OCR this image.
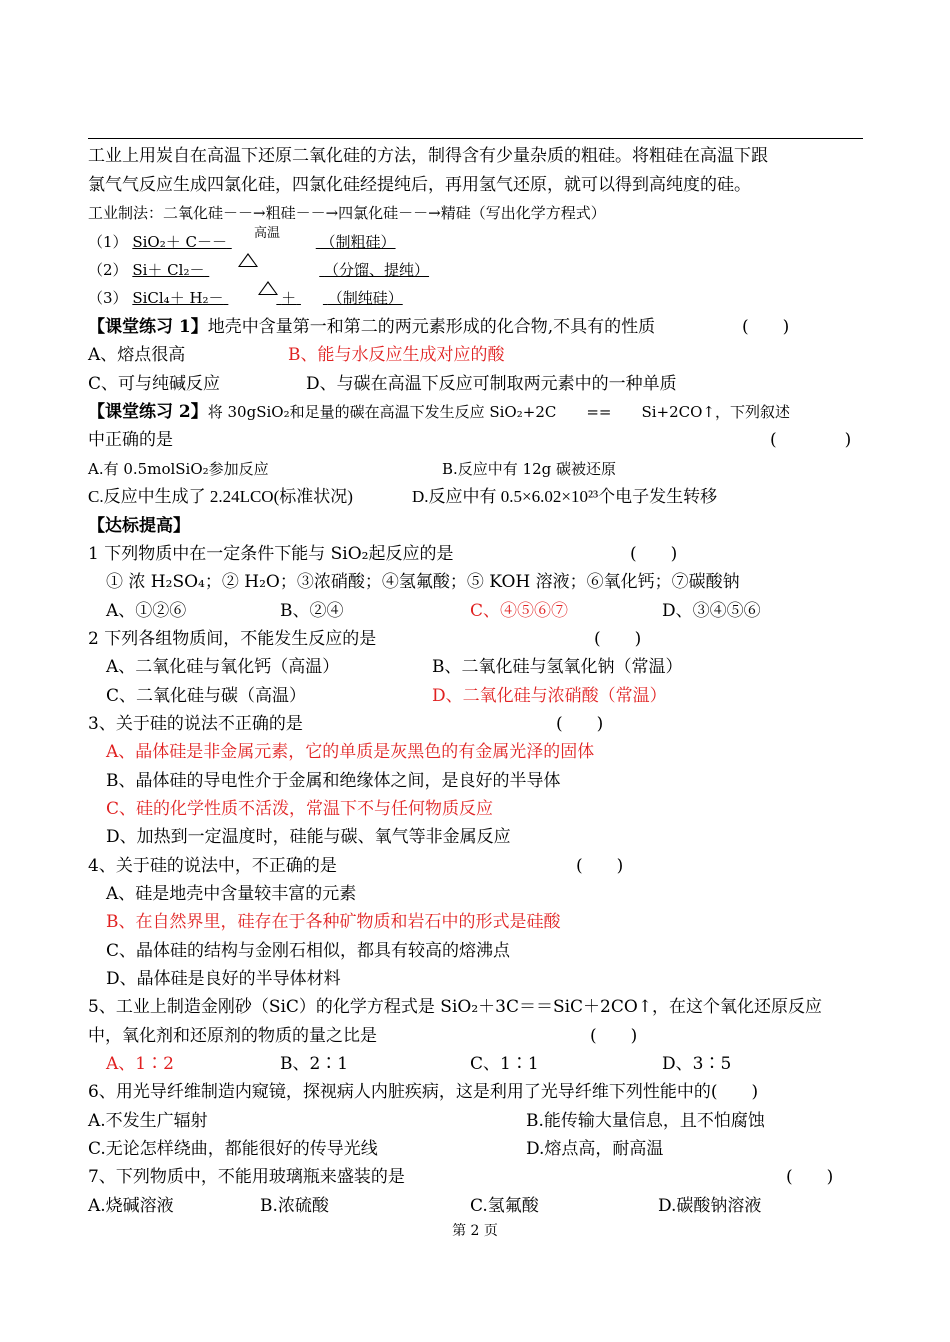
工业上用炭自在高温下还原二氧化硅的方法，制得含有少量杂质的粗硅。将粗硅在高温下跟
氯气气反应生成四氯化硅，四氯化硅经提纯后，再用氢气还原，就可以得到高纯度的硅。
工业制法：二氧化硅－－→粗硅－－→四氯化硅－－→精硅（写出化学方程式）
（1） SiO₂＋ C－－	（制粗硅）
高温
（2） Si＋ Cl₂－	（分馏、提纯）
（3） SiCl₄＋ H₂－	＋ （制纯硅）
【课堂练习 1】地壳中含量第一和第二的两元素形成的化合物,不具有的性质	(　　)
A、熔点很高	B、能与水反应生成对应的酸
C、可与纯碱反应	D、与碳在高温下反应可制取两元素中的一种单质
【课堂练习 2】将 30gSiO₂和足量的碳在高温下发生反应 SiO₂+2C　　==　　Si+2CO↑，下列叙述
中正确的是	(　　　　)
A.有 0.5molSiO₂参加反应	B.反应中有 12g 碳被还原
C.反应中生成了 2.24LCO(标准状况)	D.反应中有 0.5×6.02×10²³个电子发生转移
【达标提高】
1 下列物质中在一定条件下能与 SiO₂起反应的是	(　　)
① 浓 H₂SO₄；② H₂O；③浓硝酸；④氢氟酸；⑤ KOH 溶液；⑥氧化钙；⑦碳酸钠
A、①②⑥	B、②④	C、④⑤⑥⑦	D、③④⑤⑥
2 下列各组物质间，不能发生反应的是	(　　)
A、二氧化硅与氧化钙（高温）	B、二氧化硅与氢氧化钠（常温）
C、二氧化硅与碳（高温）	D、二氧化硅与浓硝酸（常温）
3、关于硅的说法不正确的是	(　　)
A、晶体硅是非金属元素，它的单质是灰黑色的有金属光泽的固体
B、晶体硅的导电性介于金属和绝缘体之间，是良好的半导体
C、硅的化学性质不活泼，常温下不与任何物质反应
D、加热到一定温度时，硅能与碳、氧气等非金属反应
4、关于硅的说法中，不正确的是	(　　)
A、硅是地壳中含量较丰富的元素
B、在自然界里，硅存在于各种矿物质和岩石中的形式是硅酸
C、晶体硅的结构与金刚石相似，都具有较高的熔沸点
D、晶体硅是良好的半导体材料
5、工业上制造金刚砂（SiC）的化学方程式是 SiO₂＋3C＝＝SiC＋2CO↑，在这个氧化还原反应
中，氧化剂和还原剂的物质的量之比是	(　　)
A、1∶2	B、2∶1	C、1∶1	D、3∶5
6、用光导纤维制造内窥镜，探视病人内脏疾病，这是利用了光导纤维下列性能中的(　　)
A.不发生广辐射	B.能传输大量信息，且不怕腐蚀
C.无论怎样绕曲，都能很好的传导光线	D.熔点高，耐高温
7、下列物质中，不能用玻璃瓶来盛装的是	(　　)
A.烧碱溶液	B.浓硫酸	C.氢氟酸	D.碳酸钠溶液
第 2 页
